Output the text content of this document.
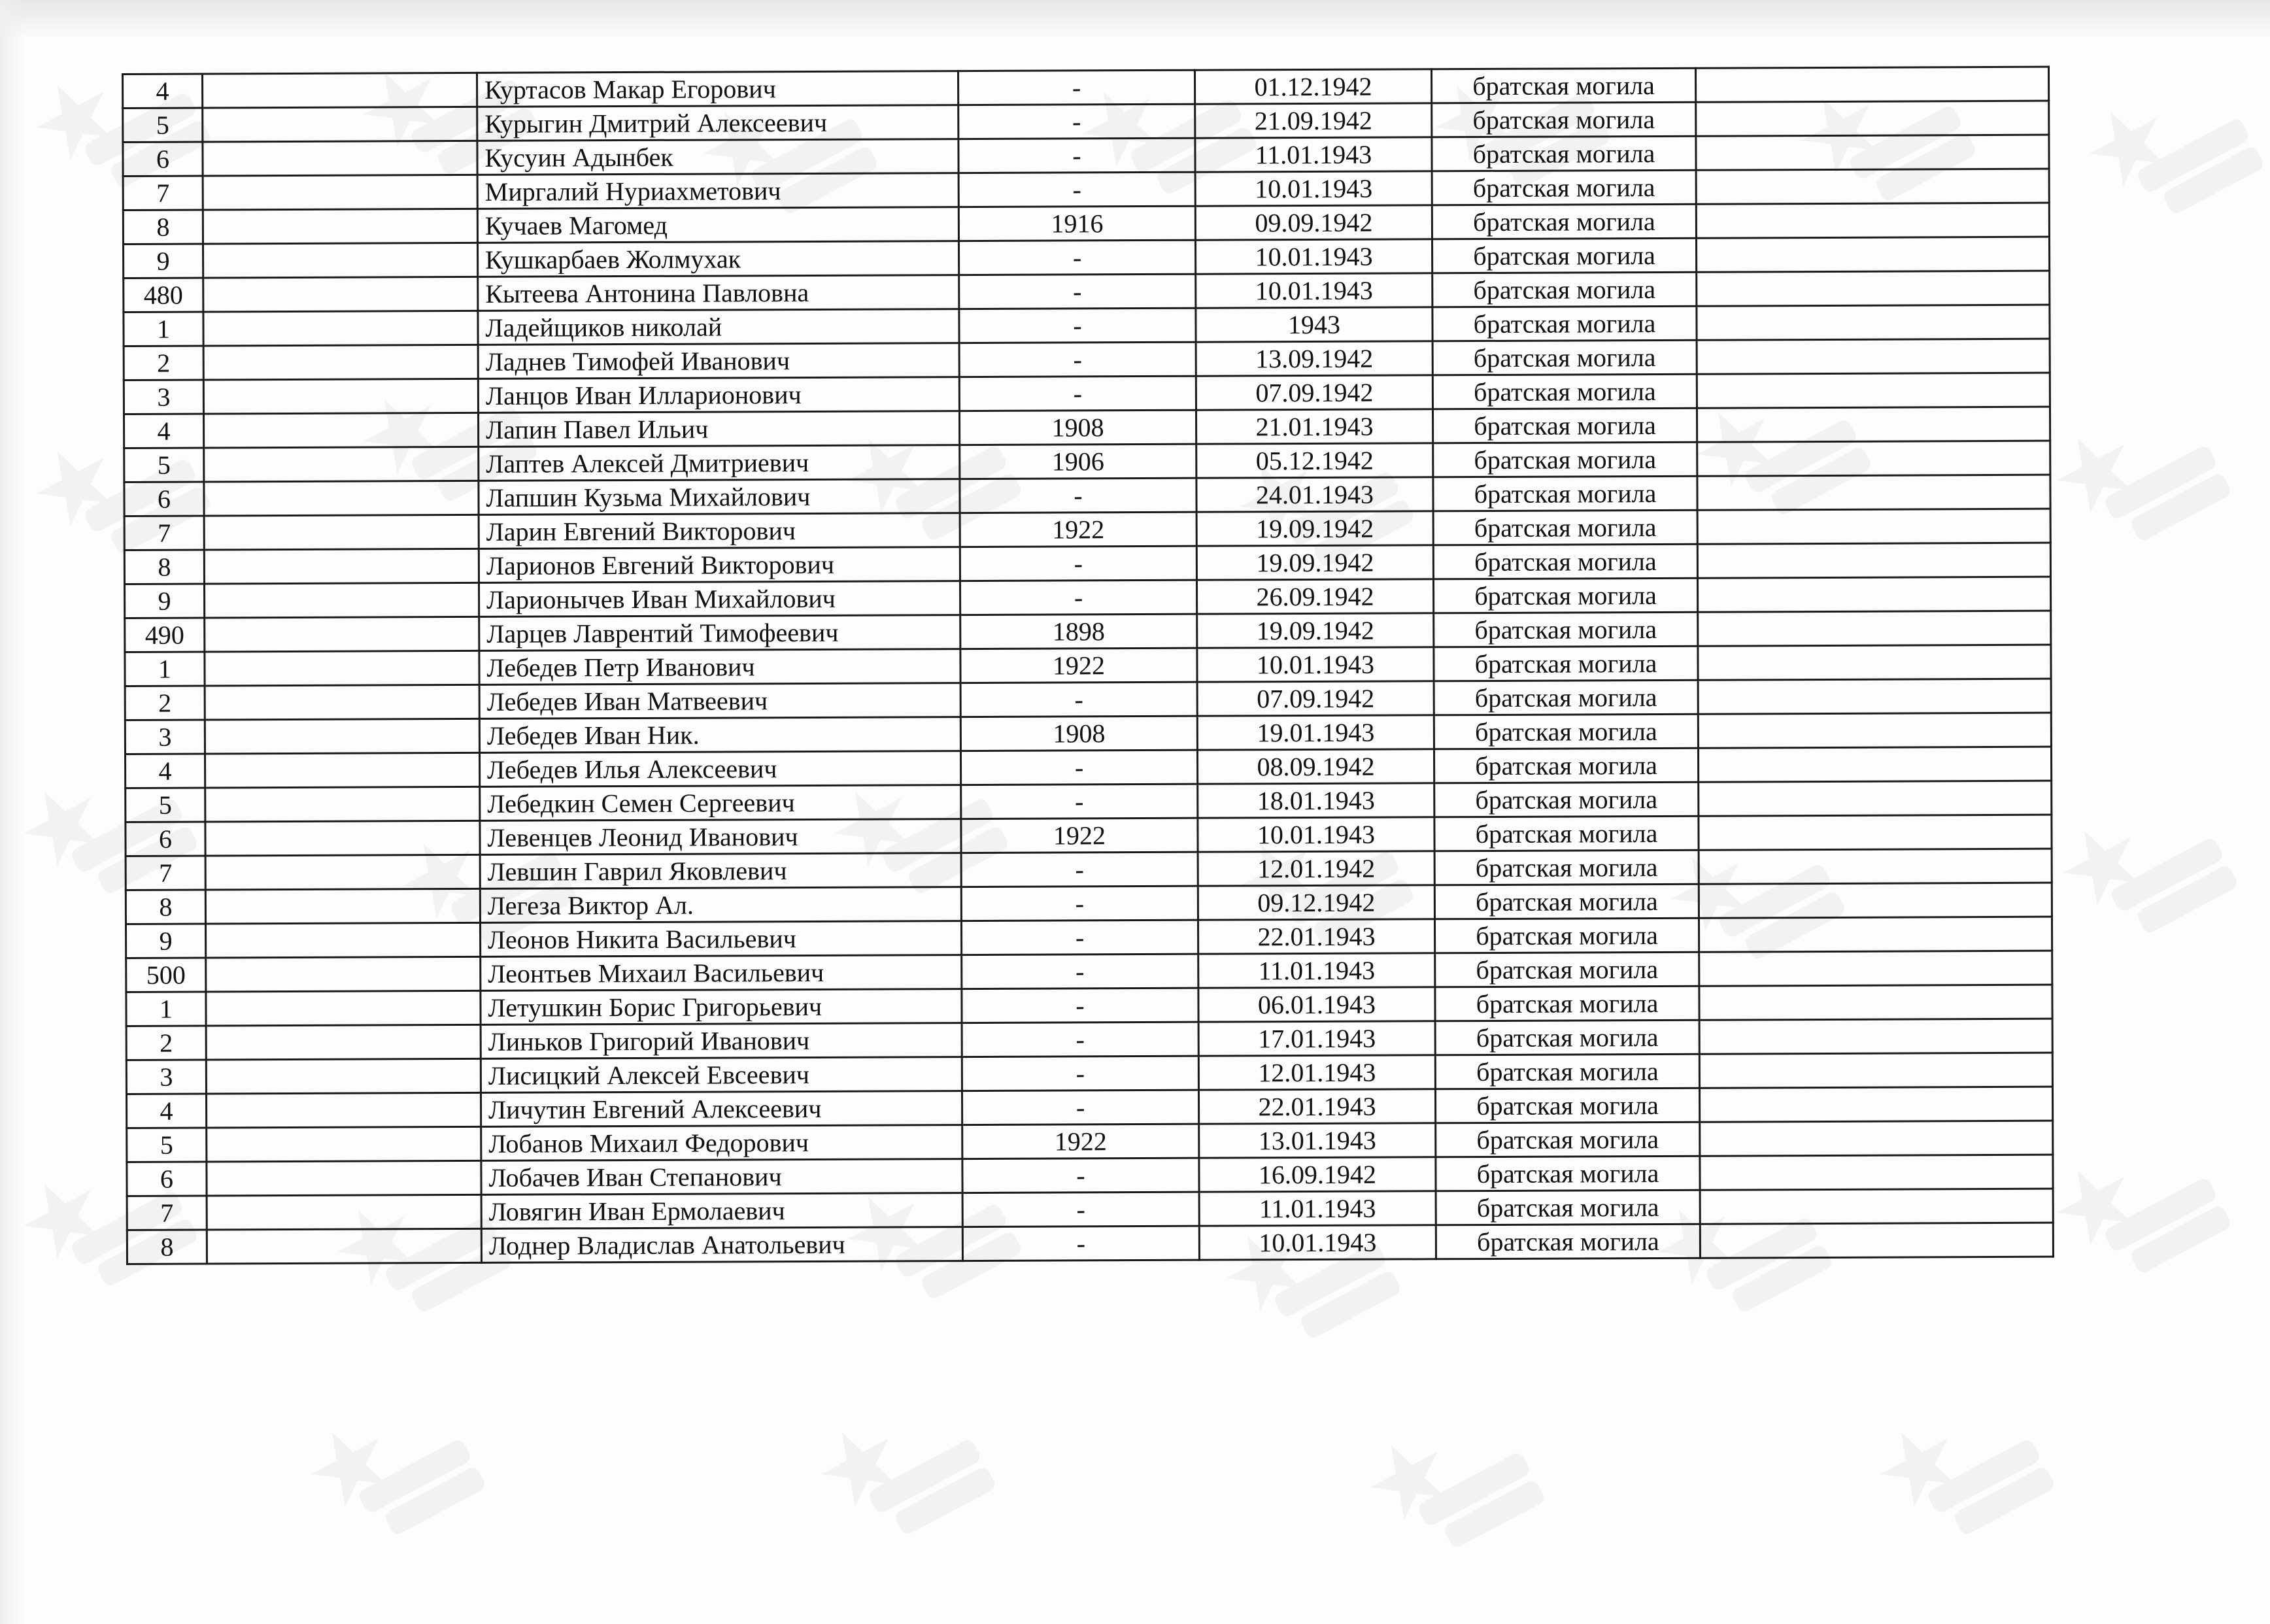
4		Куртасов Макар Егорович	-	01.12.1942	братская могила	
5		Курыгин Дмитрий Алексеевич	-	21.09.1942	братская могила	
6		Кусуин Адынбек	-	11.01.1943	братская могила	
7		Миргалий Нуриахметович	-	10.01.1943	братская могила	
8		Кучаев Магомед	1916	09.09.1942	братская могила	
9		Кушкарбаев Жолмухак	-	10.01.1943	братская могила	
480		Кытеева Антонина Павловна	-	10.01.1943	братская могила	
1		Ладейщиков николай	-	1943	братская могила	
2		Ладнев Тимофей Иванович	-	13.09.1942	братская могила	
3		Ланцов Иван Илларионович	-	07.09.1942	братская могила	
4		Лапин Павел Ильич	1908	21.01.1943	братская могила	
5		Лаптев Алексей Дмитриевич	1906	05.12.1942	братская могила	
6		Лапшин Кузьма Михайлович	-	24.01.1943	братская могила	
7		Ларин Евгений Викторович	1922	19.09.1942	братская могила	
8		Ларионов Евгений Викторович	-	19.09.1942	братская могила	
9		Ларионычев Иван Михайлович	-	26.09.1942	братская могила	
490		Ларцев Лаврентий Тимофеевич	1898	19.09.1942	братская могила	
1		Лебедев Петр Иванович	1922	10.01.1943	братская могила	
2		Лебедев Иван Матвеевич	-	07.09.1942	братская могила	
3		Лебедев Иван Ник.	1908	19.01.1943	братская могила	
4		Лебедев Илья Алексеевич	-	08.09.1942	братская могила	
5		Лебедкин Семен Сергеевич	-	18.01.1943	братская могила	
6		Левенцев Леонид Иванович	1922	10.01.1943	братская могила	
7		Левшин Гаврил Яковлевич	-	12.01.1942	братская могила	
8		Легеза Виктор Ал.	-	09.12.1942	братская могила	
9		Леонов Никита Васильевич	-	22.01.1943	братская могила	
500		Леонтьев Михаил Васильевич	-	11.01.1943	братская могила	
1		Летушкин Борис Григорьевич	-	06.01.1943	братская могила	
2		Линьков Григорий Иванович	-	17.01.1943	братская могила	
3		Лисицкий Алексей Евсеевич	-	12.01.1943	братская могила	
4		Личутин Евгений Алексеевич	-	22.01.1943	братская могила	
5		Лобанов Михаил Федорович	1922	13.01.1943	братская могила	
6		Лобачев Иван Степанович	-	16.09.1942	братская могила	
7		Ловягин Иван Ермолаевич	-	11.01.1943	братская могила	
8		Лоднер Владислав Анатольевич	-	10.01.1943	братская могила	
